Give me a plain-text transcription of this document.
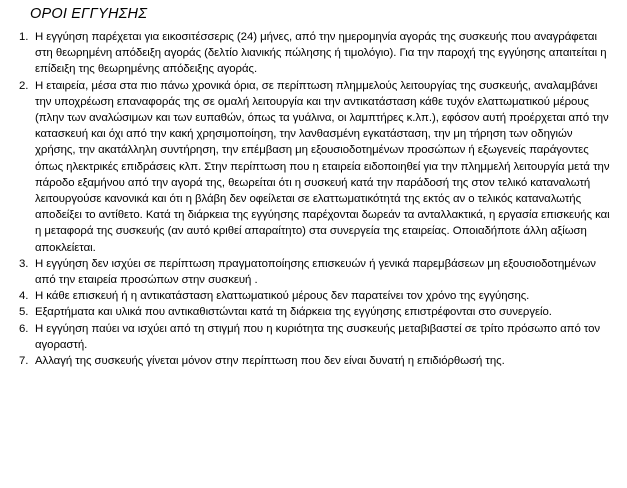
ΟΡΟΙ ΕΓΓΥΗΣΗΣ
1. Η εγγύηση παρέχεται για εικοσιτέσσερις (24) μήνες, από την ημερομηνία αγοράς της συσκευής που αναγράφεται στη θεωρημένη απόδειξη αγοράς (δελτίο λιανικής πώλησης ή τιμολόγιο). Για την παροχή της εγγύησης απαιτείται η επίδειξη της θεωρημένης απόδειξης αγοράς.
2. Η εταιρεία, μέσα στα πιο πάνω χρονικά όρια, σε περίπτωση πλημμελούς λειτουργίας της συσκευής, αναλαμβάνει την υποχρέωση επαναφοράς της σε ομαλή λειτουργία και την αντικατάσταση κάθε τυχόν ελαττωματικού μέρους (πλην των αναλώσιμων και των ευπαθών, όπως τα γυάλινα, οι λαμπτήρες κ.λπ.), εφόσον αυτή προέρχεται από την κατασκευή και όχι από την κακή χρησιμοποίηση, την λανθασμένη εγκατάσταση, την μη τήρηση των οδηγιών χρήσης, την ακατάλληλη συντήρηση, την επέμβαση μη εξουσιοδοτημένων προσώπων ή εξωγενείς παράγοντες όπως ηλεκτρικές επιδράσεις κλπ. Στην περίπτωση που η εταιρεία ειδοποιηθεί για την πλημμελή λειτουργία μετά την πάροδο εξαμήνου από την αγορά της, θεωρείται ότι η συσκευή κατά την παράδοσή της στον τελικό καταναλωτή λειτουργούσε κανονικά και ότι η βλάβη δεν οφείλεται σε ελαττωματικότητά της εκτός αν ο τελικός καταναλωτής αποδείξει το αντίθετο. Κατά τη διάρκεια της εγγύησης παρέχονται δωρεάν τα ανταλλακτικά, η εργασία επισκευής και η μεταφορά της συσκευής (αν αυτό κριθεί απαραίτητο) στα συνεργεία της εταιρείας. Οποιαδήποτε άλλη αξίωση αποκλείεται.
3. Η εγγύηση δεν ισχύει σε περίπτωση πραγματοποίησης επισκευών ή γενικά παρεμβάσεων μη εξουσιοδοτημένων από την εταιρεία προσώπων στην συσκευή .
4. Η κάθε επισκευή ή η αντικατάσταση ελαττωματικού μέρους δεν παρατείνει τον χρόνο της εγγύησης.
5. Εξαρτήματα και υλικά που αντικαθιστώνται κατά τη διάρκεια της εγγύησης επιστρέφονται στο συνεργείο.
6. Η εγγύηση παύει να ισχύει από τη στιγμή που η κυριότητα της συσκευής μεταβιβαστεί σε τρίτο πρόσωπο από τον αγοραστή.
7. Αλλαγή της συσκευής γίνεται μόνον στην περίπτωση που δεν είναι δυνατή η επιδιόρθωσή της.
